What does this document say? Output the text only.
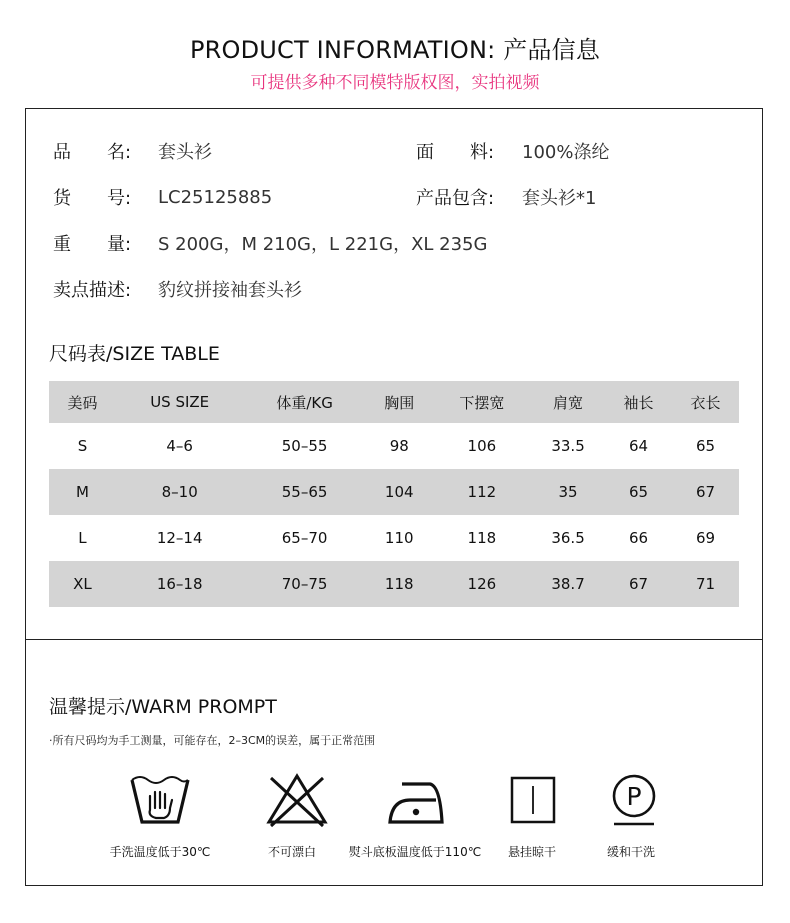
PRODUCT INFORMATION: 产品信息
可提供多种不同模特版权图，实拍视频
品　　名:	套头衫	面　　料:	100%涤纶
货　　号:	LC25125885	产品包含:	套头衫*1
重　　量:	S 200G，M 210G，L 221G，XL 235G
卖点描述:	豹纹拼接袖套头衫
尺码表/SIZE TABLE
美码	US SIZE	体重/KG	胸围	下摆宽	肩宽	袖长	衣长
S	4–6	50–55	98	106	33.5	64	65
M	8–10	55–65	104	112	35	65	67
L	12–14	65–70	110	118	36.5	66	69
XL	16–18	70–75	118	126	38.7	67	71
温馨提示/WARM PROMPT
·所有尺码均为手工测量，可能存在，2–3CM的误差，属于正常范围
P
手洗温度低于30℃	不可漂白	熨斗底板温度低于110℃	悬挂晾干	缓和干洗
